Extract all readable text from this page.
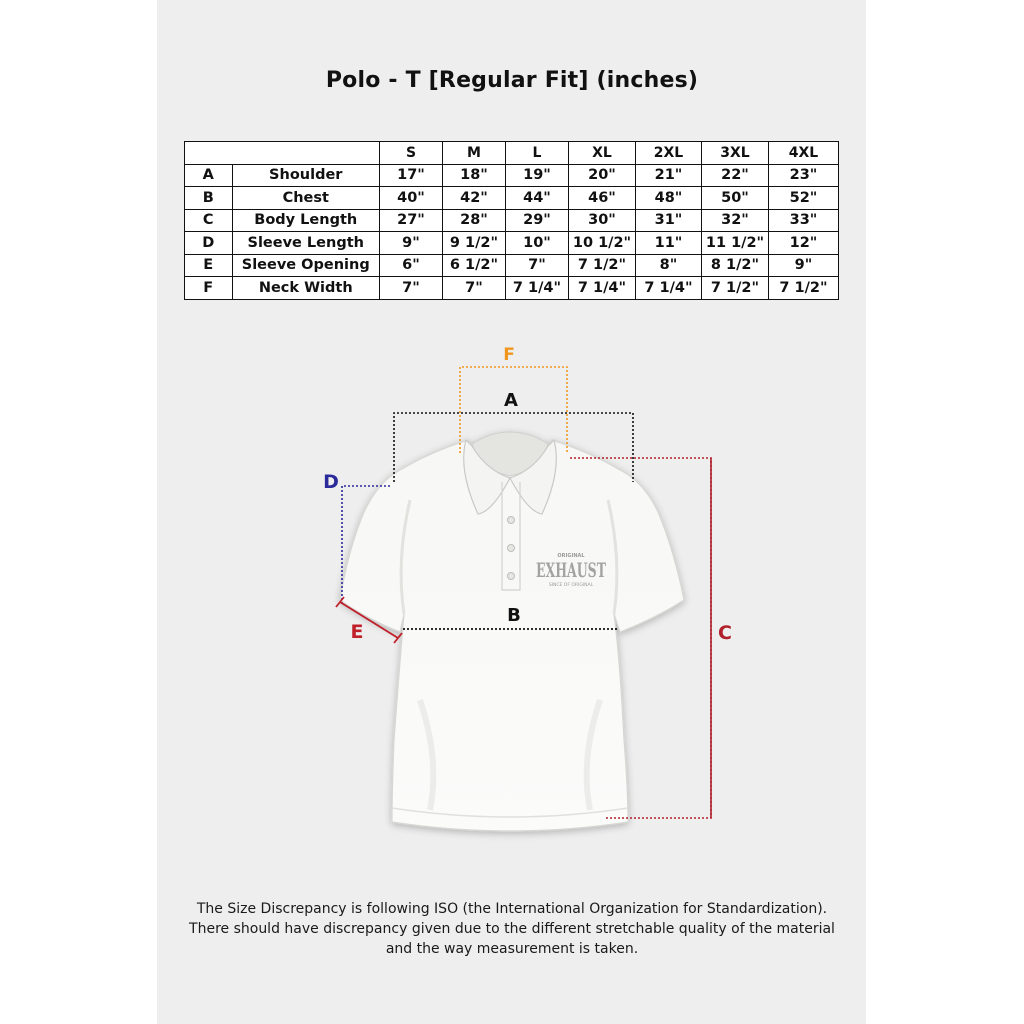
Polo - T [Regular Fit] (inches)
		S	M	L	XL	2XL	3XL	4XL
A	Shoulder	17"	18"	19"	20"	21"	22"	23"
B	Chest	40"	42"	44"	46"	48"	50"	52"
C	Body Length	27"	28"	29"	30"	31"	32"	33"
D	Sleeve Length	9"	9 1/2"	10"	10 1/2"	11"	11 1/2"	12"
E	Sleeve Opening	6"	6 1/2"	7"	7 1/2"	8"	8 1/2"	9"
F	Neck Width	7"	7"	7 1/4"	7 1/4"	7 1/4"	7 1/2"	7 1/2"
ORIGINAL
EXHAUST
SINCE OF ORIGINAL
F
A
B
C
D
E
The Size Discrepancy is following ISO (the International Organization for Standardization).
There should have discrepancy given due to the different stretchable quality of the material
and the way measurement is taken.
